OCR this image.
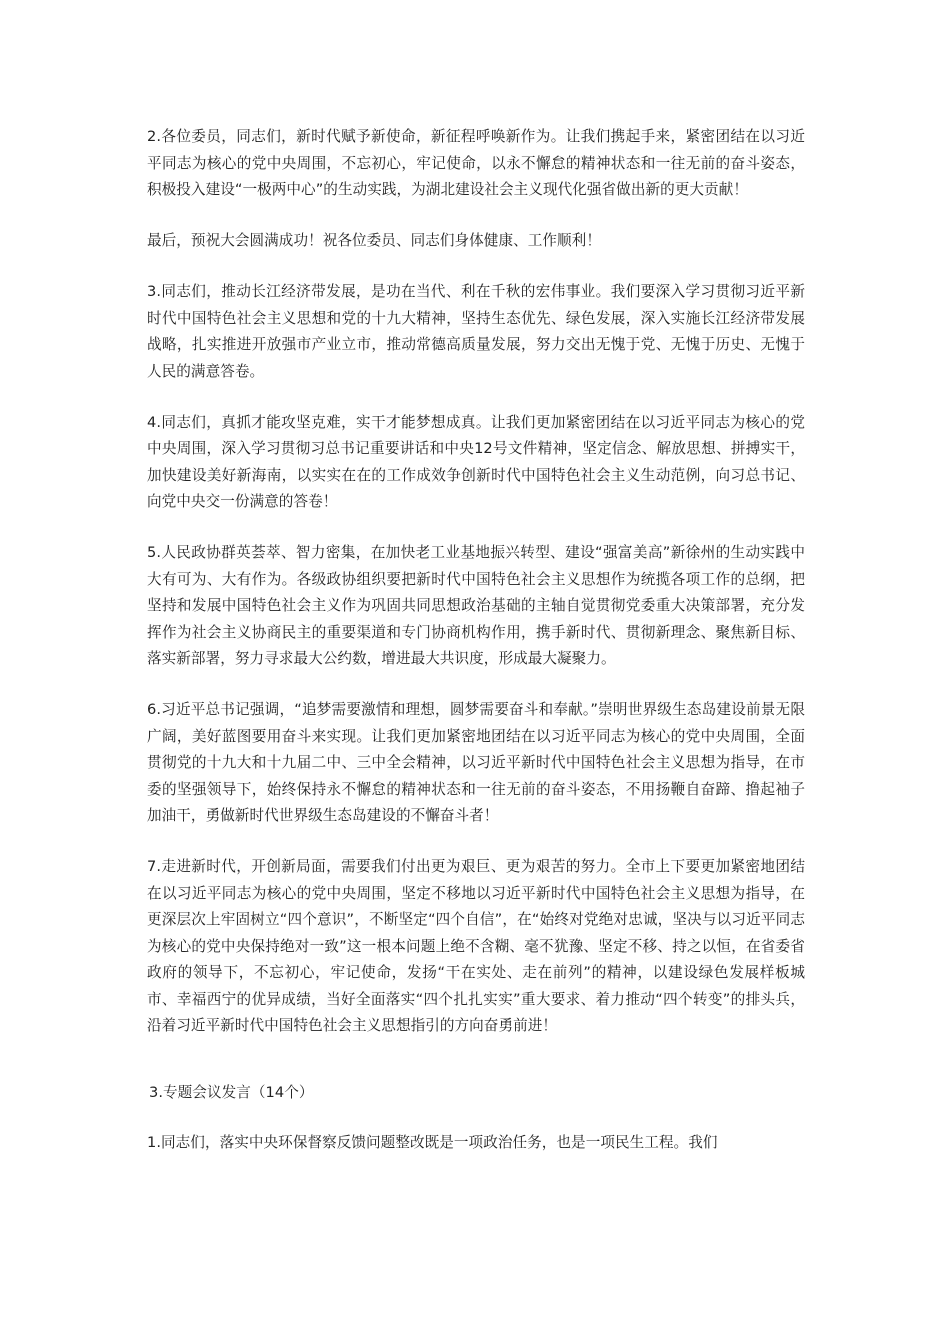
2.各位委员，同志们，新时代赋予新使命，新征程呼唤新作为。让我们携起手来，紧密团结在以习近平同志为核心的党中央周围，不忘初心，牢记使命，以永不懈怠的精神状态和一往无前的奋斗姿态，积极投入建设“一极两中心”的生动实践，为湖北建设社会主义现代化强省做出新的更大贡献！

最后，预祝大会圆满成功！祝各位委员、同志们身体健康、工作顺利！

3.同志们，推动长江经济带发展，是功在当代、利在千秋的宏伟事业。我们要深入学习贯彻习近平新时代中国特色社会主义思想和党的十九大精神，坚持生态优先、绿色发展，深入实施长江经济带发展战略，扎实推进开放强市产业立市，推动常德高质量发展，努力交出无愧于党、无愧于历史、无愧于人民的满意答卷。

4.同志们，真抓才能攻坚克难，实干才能梦想成真。让我们更加紧密团结在以习近平同志为核心的党中央周围，深入学习贯彻习总书记重要讲话和中央12号文件精神，坚定信念、解放思想、拼搏实干，加快建设美好新海南，以实实在在的工作成效争创新时代中国特色社会主义生动范例，向习总书记、向党中央交一份满意的答卷！

5.人民政协群英荟萃、智力密集，在加快老工业基地振兴转型、建设“强富美高”新徐州的生动实践中大有可为、大有作为。各级政协组织要把新时代中国特色社会主义思想作为统揽各项工作的总纲，把坚持和发展中国特色社会主义作为巩固共同思想政治基础的主轴自觉贯彻党委重大决策部署，充分发挥作为社会主义协商民主的重要渠道和专门协商机构作用，携手新时代、贯彻新理念、聚焦新目标、落实新部署，努力寻求最大公约数，增进最大共识度，形成最大凝聚力。

6.习近平总书记强调，“追梦需要激情和理想，圆梦需要奋斗和奉献。”崇明世界级生态岛建设前景无限广阔，美好蓝图要用奋斗来实现。让我们更加紧密地团结在以习近平同志为核心的党中央周围，全面贯彻党的十九大和十九届二中、三中全会精神，以习近平新时代中国特色社会主义思想为指导，在市委的坚强领导下，始终保持永不懈怠的精神状态和一往无前的奋斗姿态，不用扬鞭自奋蹄、撸起袖子加油干，勇做新时代世界级生态岛建设的不懈奋斗者！

7.走进新时代，开创新局面，需要我们付出更为艰巨、更为艰苦的努力。全市上下要更加紧密地团结在以习近平同志为核心的党中央周围，坚定不移地以习近平新时代中国特色社会主义思想为指导，在更深层次上牢固树立“四个意识”，不断坚定“四个自信”，在“始终对党绝对忠诚，坚决与以习近平同志为核心的党中央保持绝对一致”这一根本问题上绝不含糊、毫不犹豫、坚定不移、持之以恒，在省委省政府的领导下，不忘初心，牢记使命，发扬“干在实处、走在前列”的精神，以建设绿色发展样板城市、幸福西宁的优异成绩，当好全面落实“四个扎扎实实”重大要求、着力推动“四个转变”的排头兵，沿着习近平新时代中国特色社会主义思想指引的方向奋勇前进！

3.专题会议发言（14个）

1.同志们，落实中央环保督察反馈问题整改既是一项政治任务，也是一项民生工程。我们
